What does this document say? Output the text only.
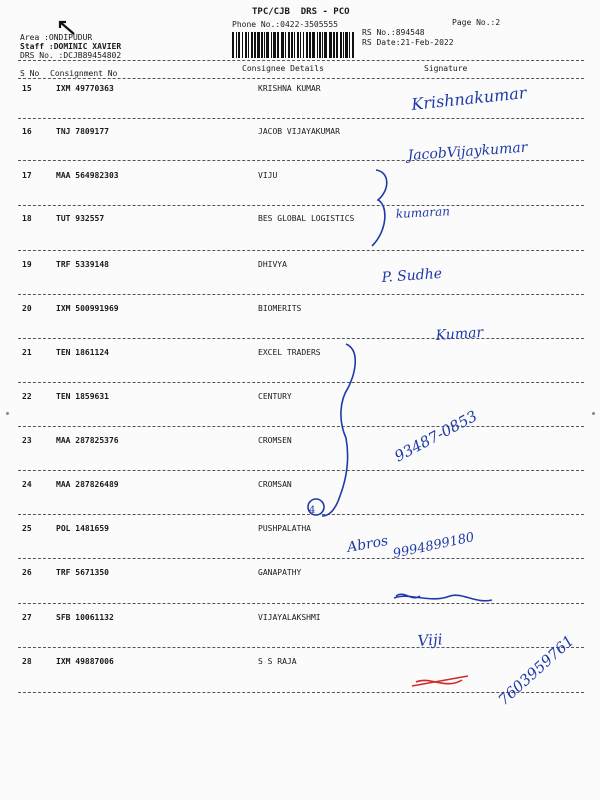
TPC/CJB  DRS - PCO
Phone No.:0422-3505555	Page No.:2
RS No.:894548
RS Date:21-Feb-2022
Area :ONDIPUDUR
Staff :DOMINIC XAVIER
DRS No. :DCJB89454802
S No Consignment No
Consignee Details	Signature
15	IXM 49770363	KRISHNA KUMAR
16	TNJ 7809177	JACOB VIJAYAKUMAR
17	MAA 564982303	VIJU
18	TUT 932557	BES GLOBAL LOGISTICS
19	TRF 5339148	DHIVYA
20	IXM 500991969	BIOMERITS
21	TEN 1861124	EXCEL TRADERS
22	TEN 1859631	CENTURY
23	MAA 287825376	CROMSEN
24	MAA 287826489	CROMSAN
25	POL 1481659	PUSHPALATHA
26	TRF 5671350	GANAPATHY
27	SFB 10061132	VIJAYALAKSHMI
28	IXM 49887006	S S RAJA
Krishnakumar
JacobVijaykumar
kumaran
P. Sudhe
Kumar
93487-0853
Abros 9994899180
Viji	7603959761
4
